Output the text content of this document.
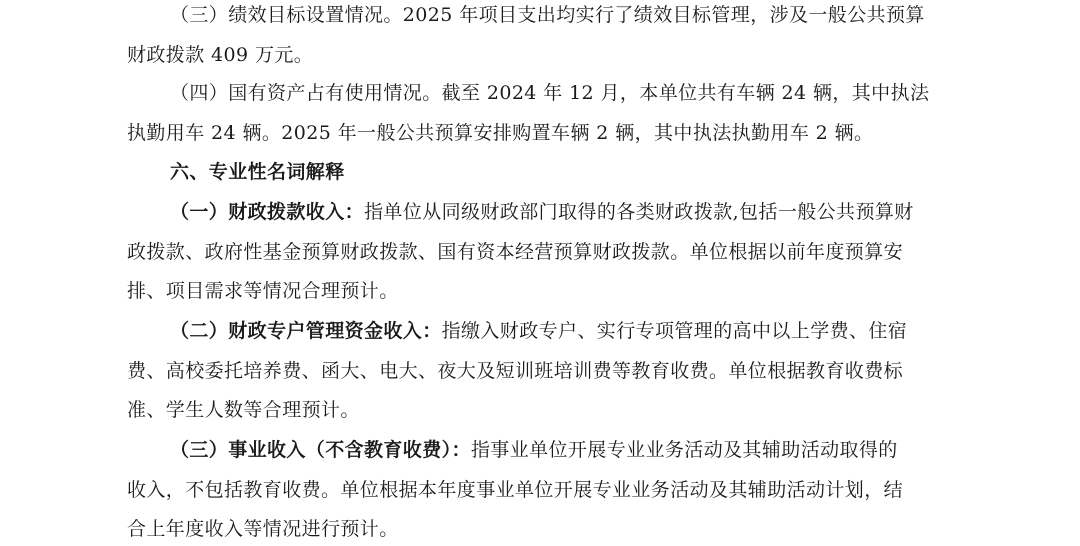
（三）绩效目标设置情况。2025 年项目支出均实行了绩效目标管理，涉及一般公共预算
财政拨款 409 万元。
（四）国有资产占有使用情况。截至 2024 年 12 月，本单位共有车辆 24 辆，其中执法
执勤用车 24 辆。2025 年一般公共预算安排购置车辆 2 辆，其中执法执勤用车 2 辆。
六、专业性名词解释
（一）财政拨款收入：指单位从同级财政部门取得的各类财政拨款,包括一般公共预算财
政拨款、政府性基金预算财政拨款、国有资本经营预算财政拨款。单位根据以前年度预算安
排、项目需求等情况合理预计。
（二）财政专户管理资金收入：指缴入财政专户、实行专项管理的高中以上学费、住宿
费、高校委托培养费、函大、电大、夜大及短训班培训费等教育收费。单位根据教育收费标
准、学生人数等合理预计。
（三）事业收入（不含教育收费）：指事业单位开展专业业务活动及其辅助活动取得的
收入，不包括教育收费。单位根据本年度事业单位开展专业业务活动及其辅助活动计划，结
合上年度收入等情况进行预计。
